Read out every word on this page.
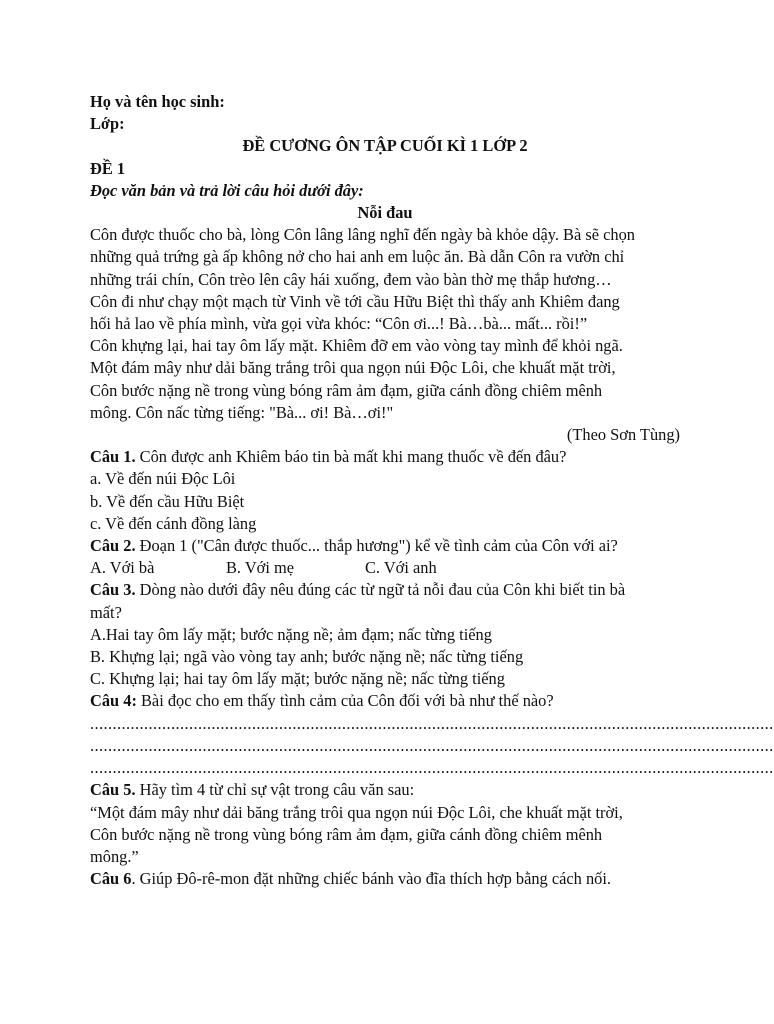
Họ và tên học sinh:
Lớp:
ĐỀ CƯƠNG ÔN TẬP CUỐI KÌ 1 LỚP 2
ĐỀ 1
Đọc văn bản và trả lời câu hỏi dưới đây:
Nỗi đau
Côn được thuốc cho bà, lòng Côn lâng lâng nghĩ đến ngày bà khỏe dậy. Bà sẽ chọn
những quả trứng gà ấp không nở cho hai anh em luộc ăn. Bà dẫn Côn ra vườn chỉ
những trái chín, Côn trèo lên cây hái xuống, đem vào bàn thờ mẹ thắp hương…
Côn đi như chạy một mạch từ Vinh về tới cầu Hữu Biệt thì thấy anh Khiêm đang
hối hả lao về phía mình, vừa gọi vừa khóc: “Côn ơi...! Bà…bà... mất... rồi!”
Côn khựng lại, hai tay ôm lấy mặt. Khiêm đỡ em vào vòng tay mình để khỏi ngã.
Một đám mây như dải băng trắng trôi qua ngọn núi Độc Lôi, che khuất mặt trời,
Côn bước nặng nề trong vùng bóng râm ảm đạm, giữa cánh đồng chiêm mênh
mông. Côn nấc từng tiếng: "Bà... ơi! Bà…ơi!"
(Theo Sơn Tùng)
Câu 1. Côn được anh Khiêm báo tin bà mất khi mang thuốc về đến đâu?
a. Về đến núi Độc Lôi
b. Về đến cầu Hữu Biệt
c. Về đến cánh đồng làng
Câu 2. Đoạn 1 ("Cân được thuốc... thắp hương") kể về tình cảm của Côn với ai?
A. Với bà	B. Với mẹ	C. Với anh
Câu 3. Dòng nào dưới đây nêu đúng các từ ngữ tả nỗi đau của Côn khi biết tin bà
mất?
A.Hai tay ôm lấy mặt; bước nặng nề; ảm đạm; nấc từng tiếng
B. Khựng lại; ngã vào vòng tay anh; bước nặng nề; nấc từng tiếng
C. Khựng lại; hai tay ôm lấy mặt; bước nặng nề; nấc từng tiếng
Câu 4: Bài đọc cho em thấy tình cảm của Côn đối với bà như thế nào?
........................................................................................................................................................
........................................................................................................................................................
........................................................................................................................................................
Câu 5. Hãy tìm 4 từ chỉ sự vật trong câu văn sau:
“Một đám mây như dải băng trắng trôi qua ngọn núi Độc Lôi, che khuất mặt trời,
Côn bước nặng nề trong vùng bóng râm ảm đạm, giữa cánh đồng chiêm mênh
mông.”
Câu 6. Giúp Đô-rê-mon đặt những chiếc bánh vào đĩa thích hợp bằng cách nối.
